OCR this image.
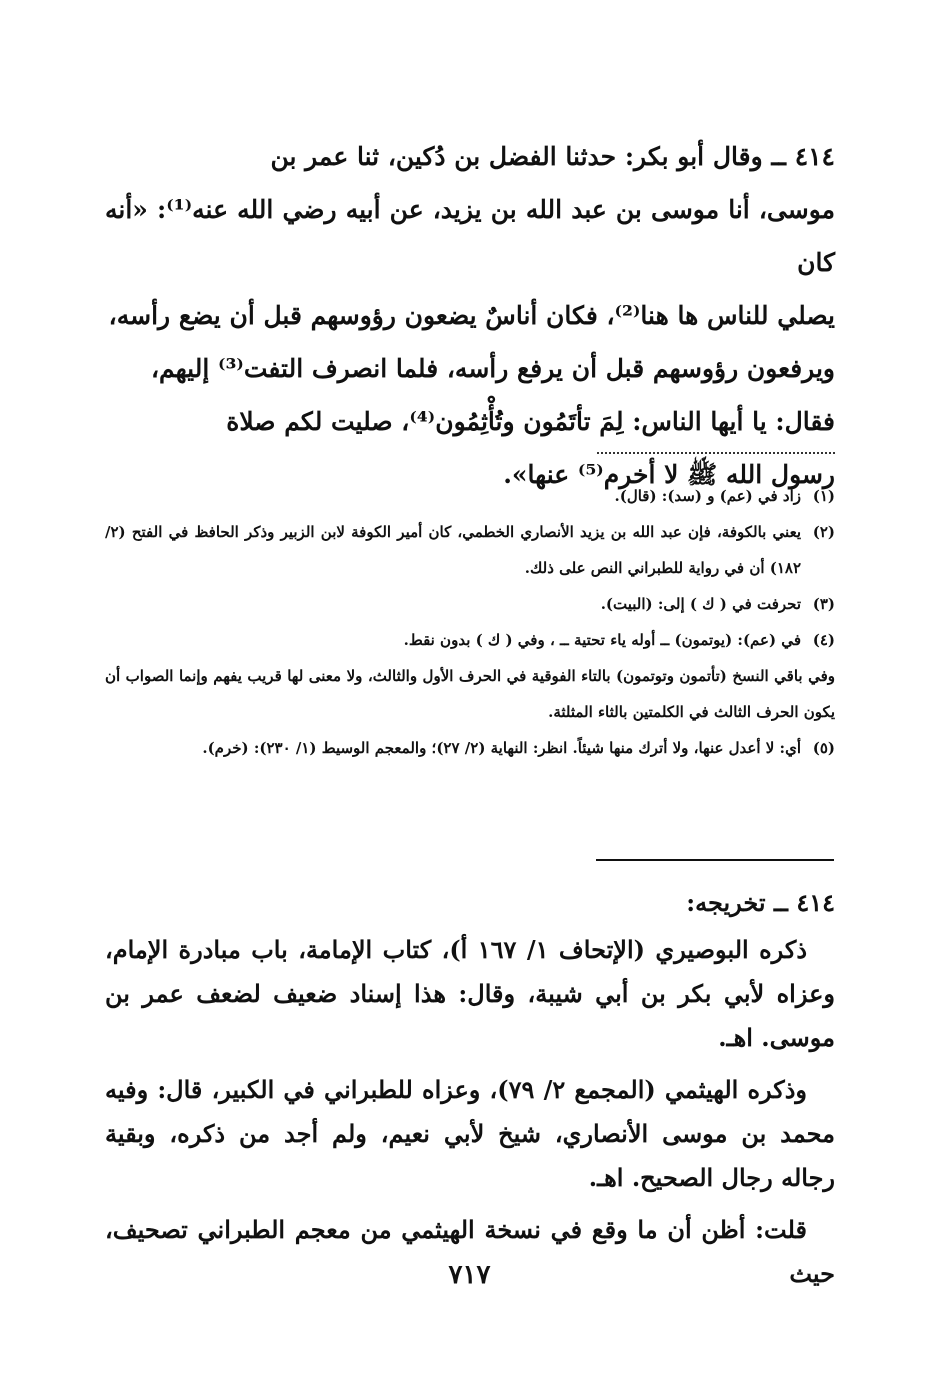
٤١٤ ــ وقال أبو بكر: حدثنا الفضل بن دُكين، ثنا عمر بن

موسى، أنا موسى بن عبد الله بن يزيد، عن أبيه رضي الله عنه⁽¹⁾: «أنه كان

يصلي للناس ها هنا⁽²⁾، فكان أناسٌ يضعون رؤوسهم قبل أن يضع رأسه،

ويرفعون رؤوسهم قبل أن يرفع رأسه، فلما انصرف التفت⁽³⁾ إليهم،

فقال: يا أيها الناس: لِمَ تأتَمُون وتُأْثِمُون⁽⁴⁾، صليت لكم صلاة

رسول الله ﷺ لا أخرم⁽⁵⁾ عنها».

(١)
زاد في (عم) و (سد): (قال).
(٢)
يعني بالكوفة، فإن عبد الله بن يزيد الأنصاري الخطمي، كان أمير الكوفة لابن الزبير وذكر الحافظ في الفتح (٢/ ١٨٢) أن في رواية للطبراني النص على ذلك.
(٣)
تحرفت في ( ك ) إلى: (البيت).
(٤)
في (عم): (يوتمون) ــ أوله ياء تحتية ــ ، وفي ( ك ) بدون نقط.

وفي باقي النسخ (تأتمون وتوتمون) بالتاء الفوقية في الحرف الأول والثالث، ولا معنى لها قريب يفهم وإنما الصواب أن يكون الحرف الثالث في الكلمتين بالثاء المثلثة.

(٥)
أي: لا أعدل عنها، ولا أترك منها شيئاً. انظر: النهاية (٢/ ٢٧)؛ والمعجم الوسيط (١/ ٢٣٠): (خرم).

٤١٤ ــ تخريجه:

ذكره البوصيري (الإتحاف ١/ ١٦٧ أ)، كتاب الإمامة، باب مبادرة الإمام، وعزاه لأبي بكر بن أبي شيبة، وقال: هذا إسناد ضعيف لضعف عمر بن موسى. اهـ.

وذكره الهيثمي (المجمع ٢/ ٧٩)، وعزاه للطبراني في الكبير، قال: وفيه محمد بن موسى الأنصاري، شيخ لأبي نعيم، ولم أجد من ذكره، وبقية رجاله رجال الصحيح. اهـ.

قلت: أظن أن ما وقع في نسخة الهيثمي من معجم الطبراني تصحيف، حيث

٧١٧
